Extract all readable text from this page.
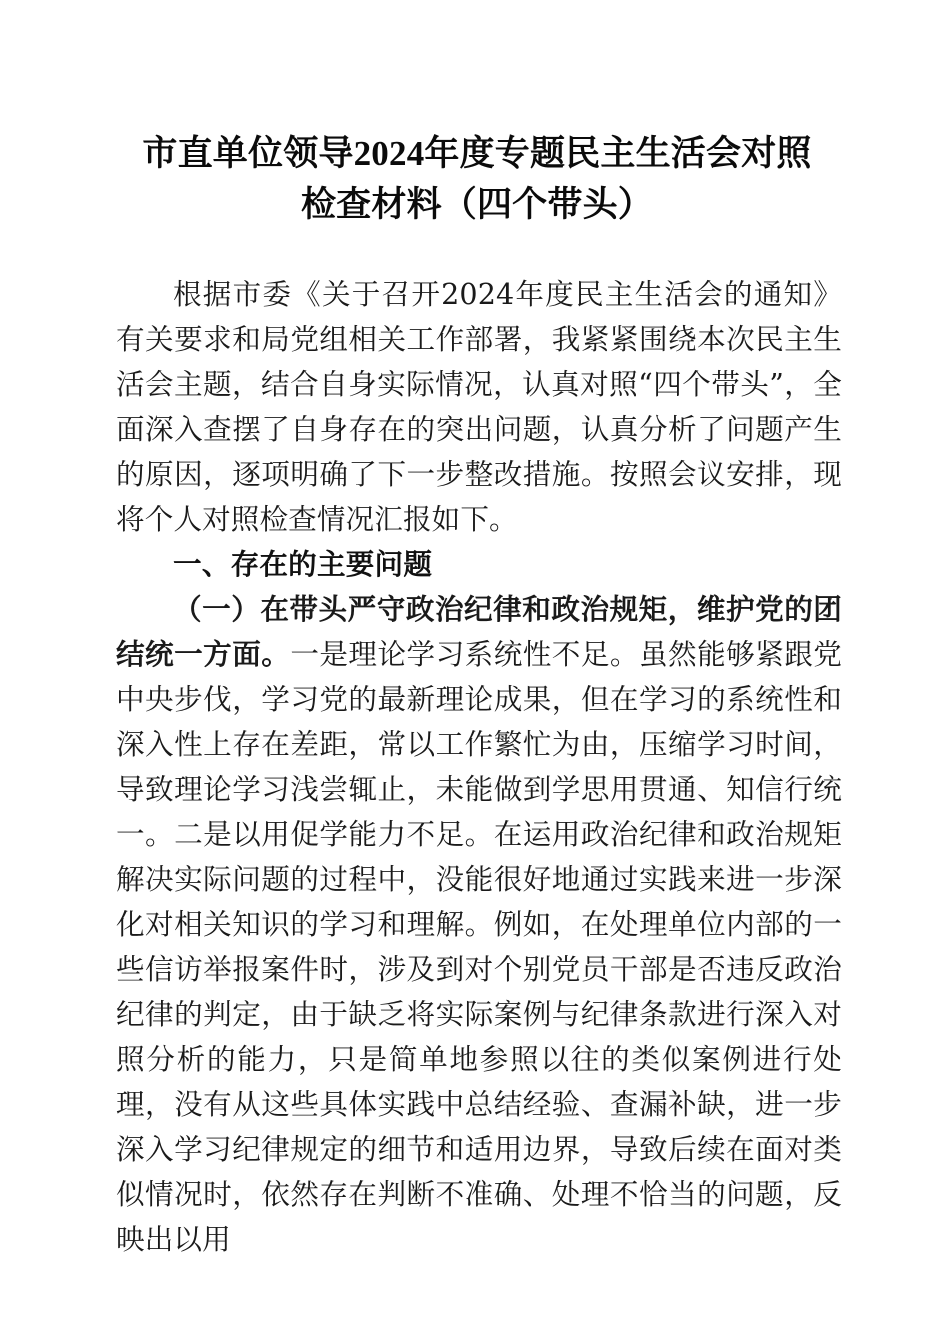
市直单位领导2024年度专题民主生活会对照
检查材料（四个带头）

根据市委《关于召开2024年度民主生活会的通知》有关要求和局党组相关工作部署，我紧紧围绕本次民主生活会主题，结合自身实际情况，认真对照“四个带头”，全面深入查摆了自身存在的突出问题，认真分析了问题产生的原因，逐项明确了下一步整改措施。按照会议安排，现将个人对照检查情况汇报如下。

一、存在的主要问题

（一）在带头严守政治纪律和政治规矩，维护党的团结统一方面。一是理论学习系统性不足。虽然能够紧跟党中央步伐，学习党的最新理论成果，但在学习的系统性和深入性上存在差距，常以工作繁忙为由，压缩学习时间，导致理论学习浅尝辄止，未能做到学思用贯通、知信行统一。二是以用促学能力不足。在运用政治纪律和政治规矩解决实际问题的过程中，没能很好地通过实践来进一步深化对相关知识的学习和理解。例如，在处理单位内部的一些信访举报案件时，涉及到对个别党员干部是否违反政治纪律的判定，由于缺乏将实际案例与纪律条款进行深入对照分析的能力，只是简单地参照以往的类似案例进行处理，没有从这些具体实践中总结经验、查漏补缺，进一步深入学习纪律规定的细节和适用边界，导致后续在面对类似情况时，依然存在判断不准确、处理不恰当的问题，反映出以用
